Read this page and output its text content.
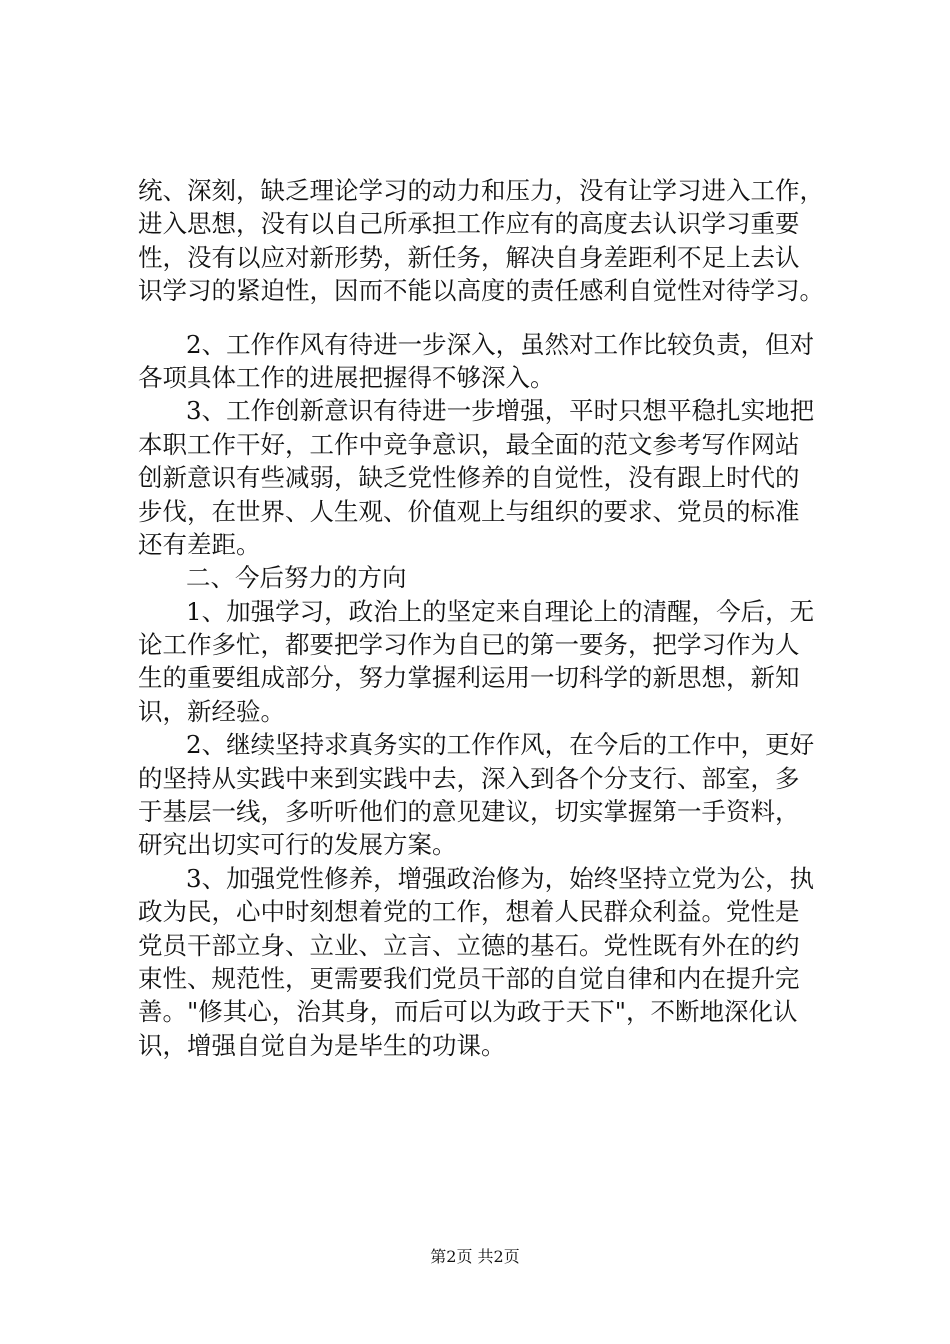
统、深刻，缺乏理论学习的动力和压力，没有让学习进入工作，
进入思想，没有以自己所承担工作应有的高度去认识学习重要
性，没有以应对新形势，新任务，解决自身差距利不足上去认
识学习的紧迫性，因而不能以高度的责任感利自觉性对待学习。

2、工作作风有待进一步深入，虽然对工作比较负责，但对
各项具体工作的进展把握得不够深入。

3、工作创新意识有待进一步增强，平时只想平稳扎实地把
本职工作干好，工作中竞争意识，最全面的范文参考写作网站
创新意识有些减弱，缺乏党性修养的自觉性，没有跟上时代的
步伐，在世界、人生观、价值观上与组织的要求、党员的标准
还有差距。

二、今后努力的方向

1、加强学习，政治上的坚定来自理论上的清醒，今后，无
论工作多忙，都要把学习作为自已的第一要务，把学习作为人
生的重要组成部分，努力掌握利运用一切科学的新思想，新知
识，新经验。

2、继续坚持求真务实的工作作风，在今后的工作中，更好
的坚持从实践中来到实践中去，深入到各个分支行、部室，多
于基层一线，多听听他们的意见建议，切实掌握第一手资料，
研究出切实可行的发展方案。

3、加强党性修养，增强政治修为，始终坚持立党为公，执
政为民，心中时刻想着党的工作，想着人民群众利益。党性是
党员干部立身、立业、立言、立德的基石。党性既有外在的约
束性、规范性，更需要我们党员干部的自觉自律和内在提升完
善。"修其心，治其身，而后可以为政于天下"，不断地深化认
识，增强自觉自为是毕生的功课。

第2页 共2页
